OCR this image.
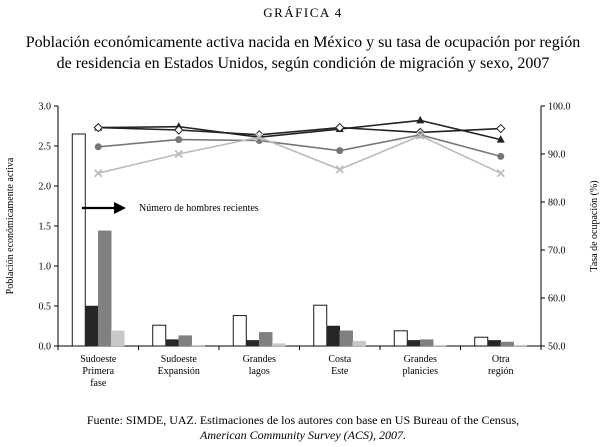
GRÁFICA 4
Población económicamente activa nacida en México y su tasa de ocupación por región
de residencia en Estados Unidos, según condición de migración y sexo, 2007
0.0
0.5
1.0
1.5
2.0
2.5
3.0
50.0
60.0
70.0
80.0
90.0
100.0
Población económicamente activa	Tasa de ocupación (%)
Sudoeste
Primera
fase
Sudoeste
Expansión
Grandes
lagos
Costa
Este
Grandes
planicies
Otra
región
Número de hombres recientes
Fuente: SIMDE, UAZ. Estimaciones de los autores con base en US Bureau of the Census,
American Community Survey (ACS), 2007.
